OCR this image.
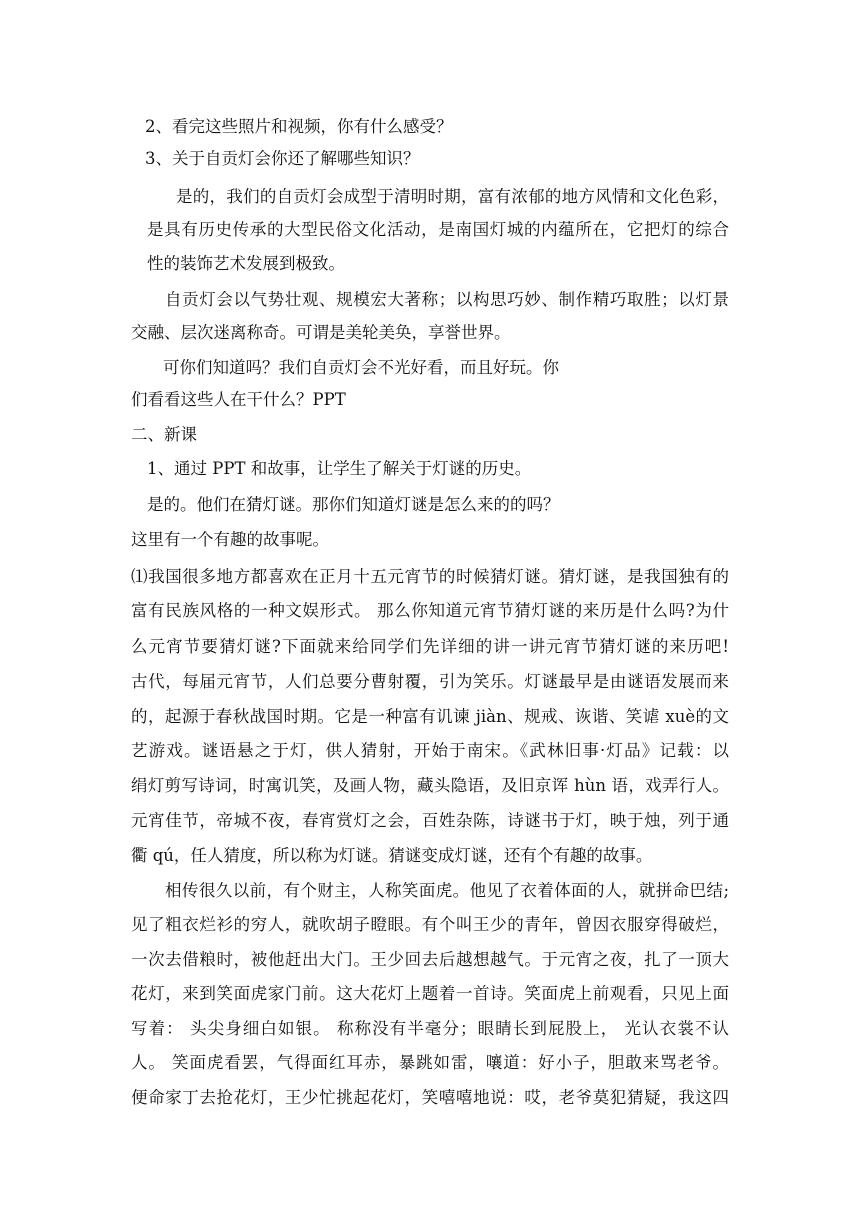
2、看完这些照片和视频，你有什么感受？
3、关于自贡灯会你还了解哪些知识？
是的，我们的自贡灯会成型于清明时期，富有浓郁的地方风情和文化色彩，
是具有历史传承的大型民俗文化活动，是南国灯城的内蕴所在，它把灯的综合
性的装饰艺术发展到极致。
自贡灯会以气势壮观、规模宏大著称；以构思巧妙、制作精巧取胜；以灯景
交融、层次迷离称奇。可谓是美轮美奂，享誉世界。
可你们知道吗？我们自贡灯会不光好看，而且好玩。你
们看看这些人在干什么？PPT
二、新课
1、通过 PPT 和故事，让学生了解关于灯谜的历史。
是的。他们在猜灯谜。那你们知道灯谜是怎么来的的吗？
这里有一个有趣的故事呢。
⑴我国很多地方都喜欢在正月十五元宵节的时候猜灯谜。猜灯谜，是我国独有的
富有民族风格的一种文娱形式。 那么你知道元宵节猜灯谜的来历是什么吗?为什
么元宵节要猜灯谜?下面就来给同学们先详细的讲一讲元宵节猜灯谜的来历吧!
古代，每届元宵节，人们总要分曹射覆，引为笑乐。灯谜最早是由谜语发展而来
的，起源于春秋战国时期。它是一种富有讥谏 jiàn、规戒、诙谐、笑谑 xuè的文
艺游戏。谜语悬之于灯，供人猜射，开始于南宋。《武林旧事·灯品》记载：以
绢灯剪写诗词，时寓讥笑，及画人物，藏头隐语，及旧京诨 hùn 语，戏弄行人。
元宵佳节，帝城不夜，春宵赏灯之会，百姓杂陈，诗谜书于灯，映于烛，列于通
衢 qú，任人猜度，所以称为灯谜。猜谜变成灯谜，还有个有趣的故事。
相传很久以前，有个财主，人称笑面虎。他见了衣着体面的人，就拼命巴结;
见了粗衣烂衫的穷人，就吹胡子瞪眼。有个叫王少的青年，曾因衣服穿得破烂，
一次去借粮时，被他赶出大门。王少回去后越想越气。于元宵之夜，扎了一顶大
花灯，来到笑面虎家门前。这大花灯上题着一首诗。笑面虎上前观看，只见上面
写着： 头尖身细白如银。 称称没有半毫分；眼睛长到屁股上， 光认衣裳不认
人。 笑面虎看罢，气得面红耳赤，暴跳如雷，嚷道：好小子，胆敢来骂老爷。
便命家丁去抢花灯，王少忙挑起花灯，笑嘻嘻地说：哎，老爷莫犯猜疑，我这四
